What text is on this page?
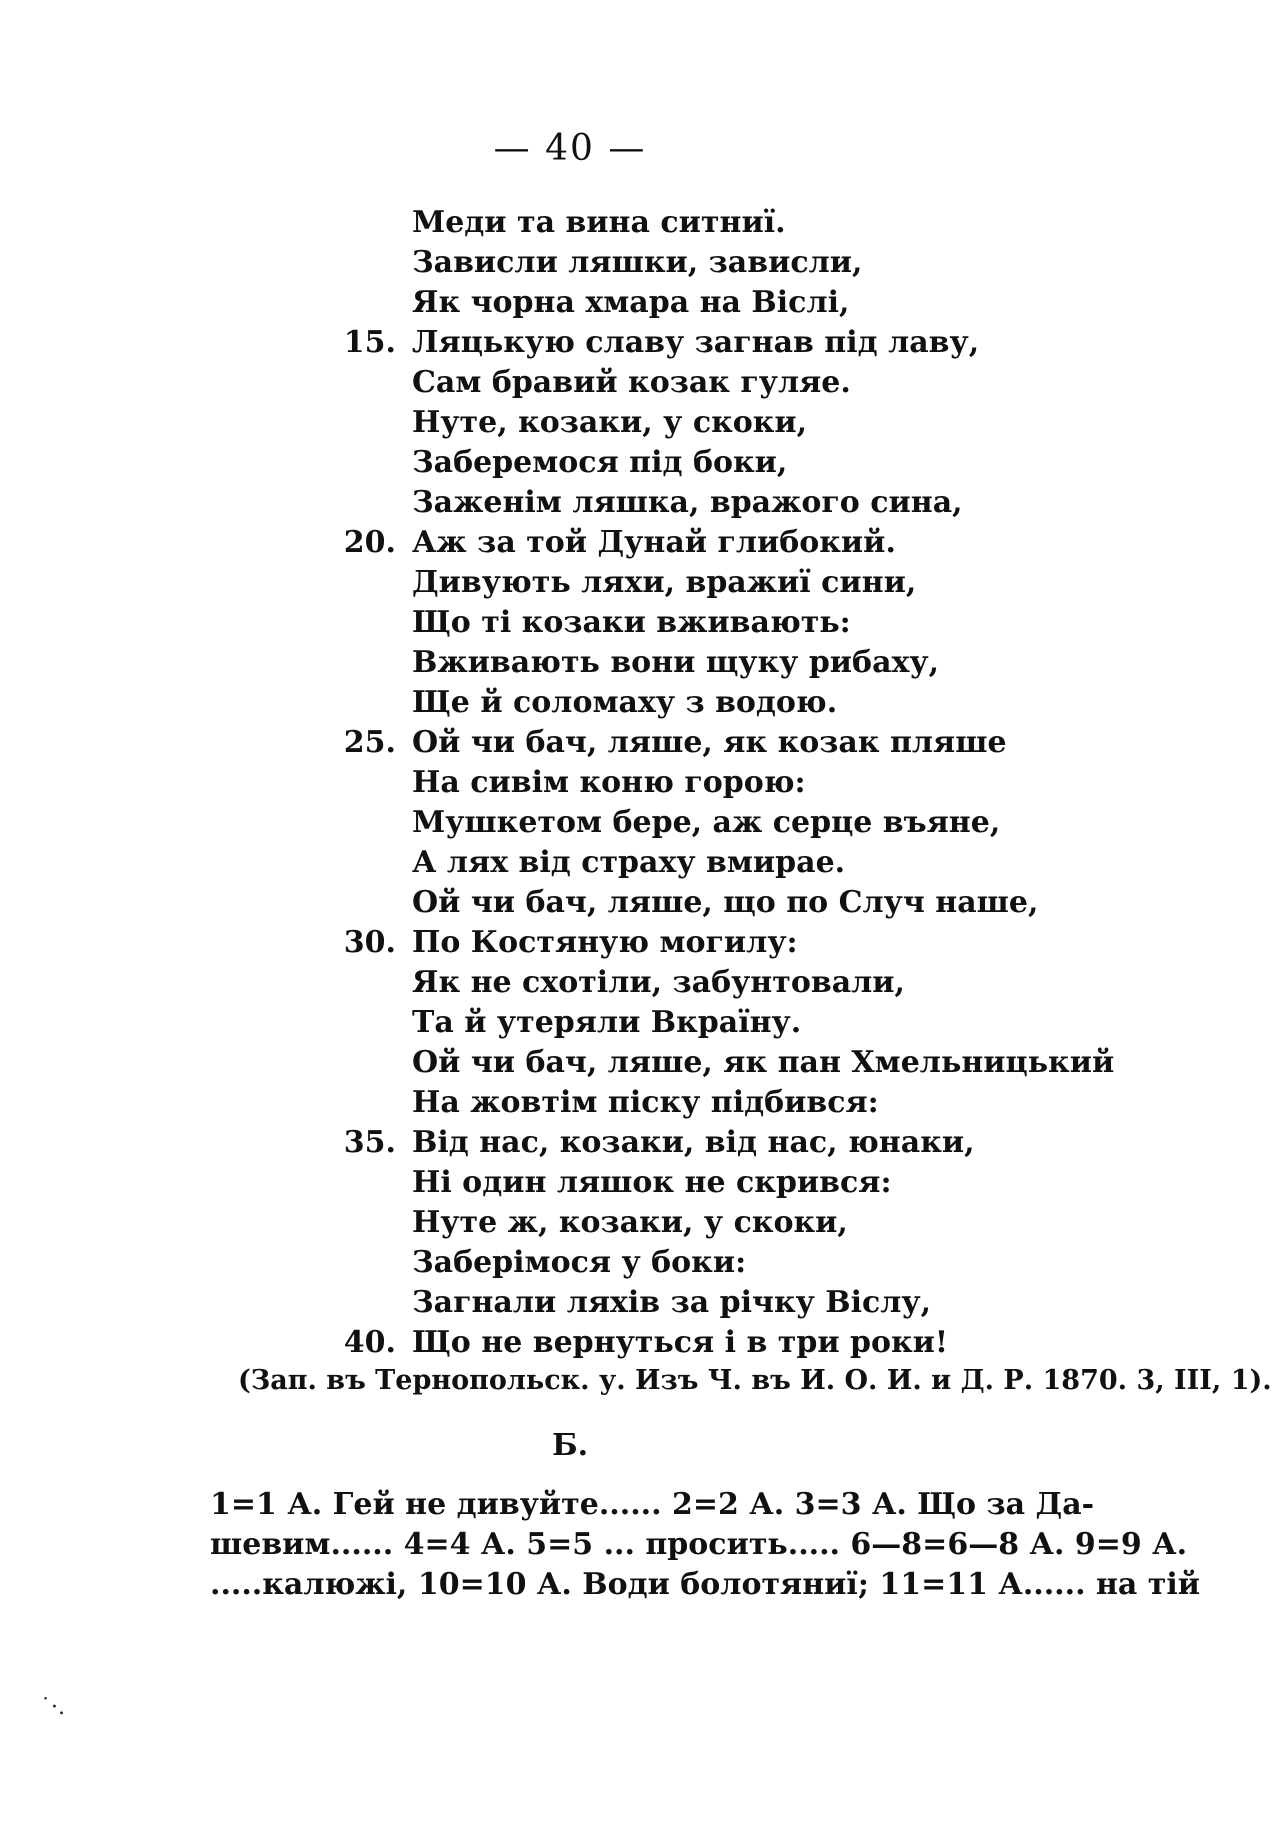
— 40 —
Меди та вина ситниї.
Зависли ляшки, зависли,
Як чорна хмара на Віслі,
15. Ляцькую славу загнав під лаву,
Сам бравий козак гуляе.
Нуте, козаки, у скоки,
Заберемося під боки,
Заженім ляшка, вражого сина,
20. Аж за той Дунай глибокий.
Дивують ляхи, вражиї сини,
Що ті козаки вживають:
Вживають вони щуку рибаху,
Ще й соломаху з водою.
25. Ой чи бач, ляше, як козак пляше
На сивім коню горою:
Мушкетом бере, аж серце въяне,
А лях від страху вмирае.
Ой чи бач, ляше, що по Случ наше,
30. По Костяную могилу:
Як не схотіли, забунтовали,
Та й утеряли Вкраїну.
Ой чи бач, ляше, як пан Хмельницький
На жовтім піску підбився:
35. Від нас, козаки, від нас, юнаки,
Ні один ляшок не скрився:
Нуте ж, козаки, у скоки,
Заберімося у боки:
Загнали ляхів за річку Віслу,
40. Що не вернуться і в три роки!
(Зап. въ Тернопольск. у. Изъ Ч. въ И. О. И. и Д. Р. 1870. 3, III, 1).
Б.
1=1 А. Гей не дивуйте...... 2=2 А. 3=3 А. Що за Да-
шевим...... 4=4 А. 5=5 ... просить..... 6—8=6—8 А. 9=9 А.
.....калюжі, 10=10 А. Води болотяниї; 11=11 А...... на тій
˙·.
